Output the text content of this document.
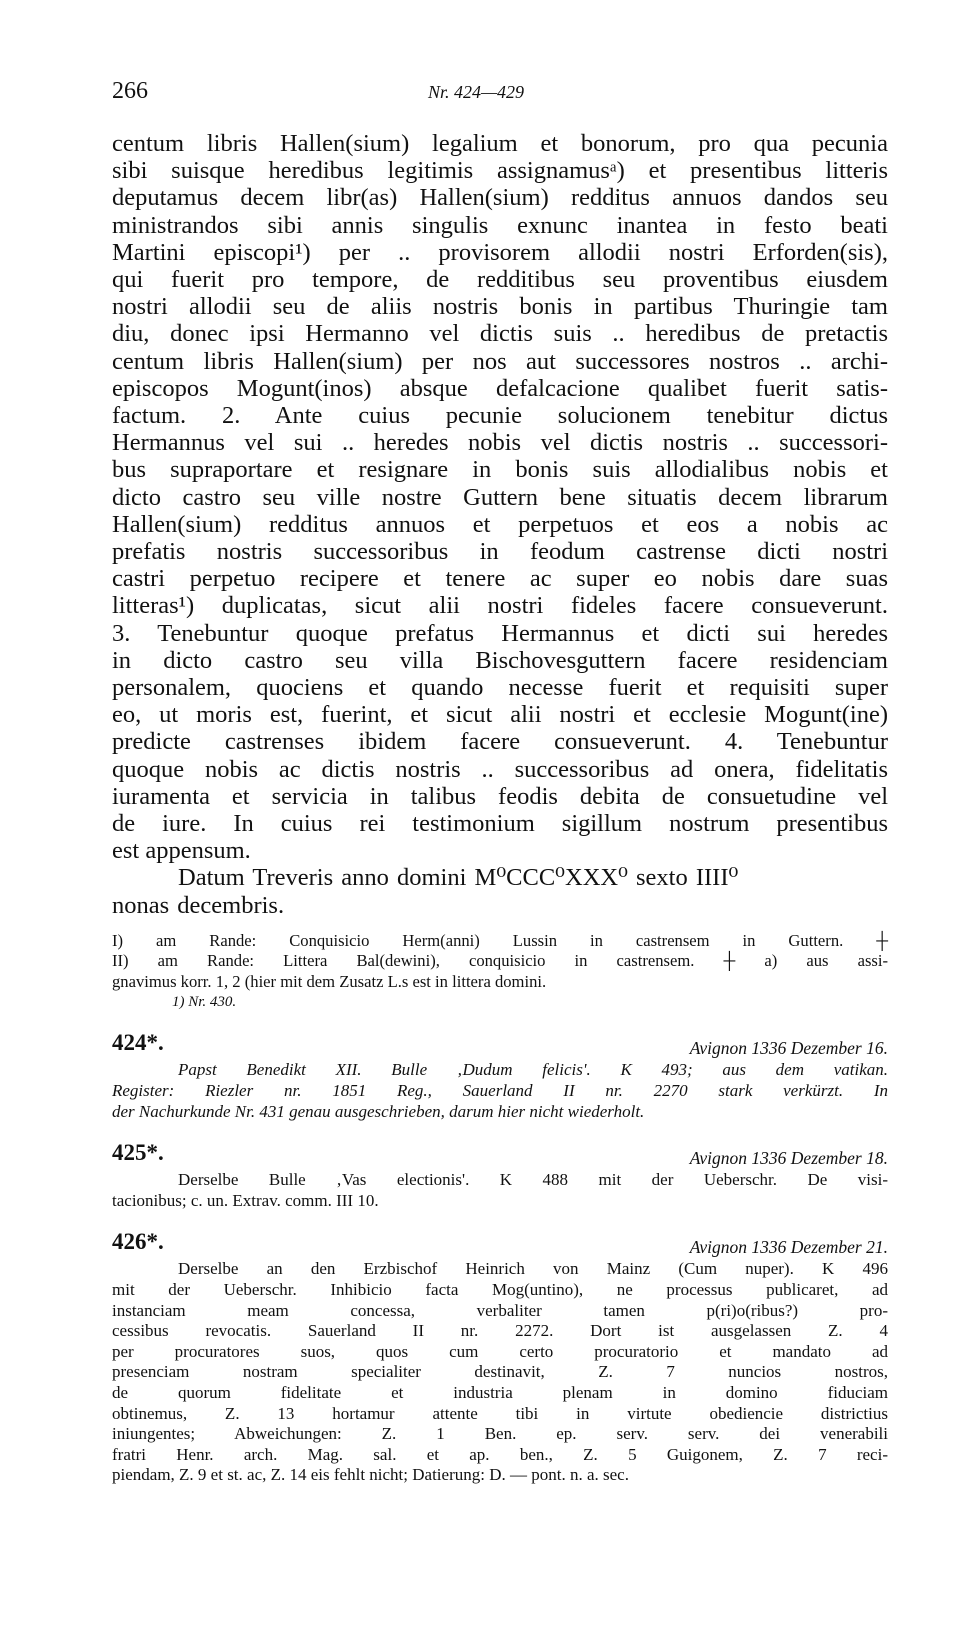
266	Nr. 424—429
centum libris Hallen(sium) legalium et bonorum, pro qua pecunia
sibi suisque heredibus legitimis assignamusᵃ) et presentibus litteris
deputamus decem libr(as) Hallen(sium) redditus annuos dandos seu
ministrandos sibi annis singulis exnunc inantea in festo beati
Martini episcopi¹) per .. provisorem allodii nostri Erforden(sis),
qui fuerit pro tempore, de redditibus seu proventibus eiusdem
nostri allodii seu de aliis nostris bonis in partibus Thuringie tam
diu, donec ipsi Hermanno vel dictis suis .. heredibus de pretactis
centum libris Hallen(sium) per nos aut successores nostros .. archi-
episcopos Mogunt(inos) absque defalcacione qualibet fuerit satis-
factum. 2. Ante cuius pecunie solucionem tenebitur dictus
Hermannus vel sui .. heredes nobis vel dictis nostris .. successori-
bus supraportare et resignare in bonis suis allodialibus nobis et
dicto castro seu ville nostre Guttern bene situatis decem librarum
Hallen(sium) redditus annuos et perpetuos et eos a nobis ac
prefatis nostris successoribus in feodum castrense dicti nostri
castri perpetuo recipere et tenere ac super eo nobis dare suas
litteras¹) duplicatas, sicut alii nostri fideles facere consueverunt.
3. Tenebuntur quoque prefatus Hermannus et dicti sui heredes
in dicto castro seu villa Bischovesguttern facere residenciam
personalem, quociens et quando necesse fuerit et requisiti super
eo, ut moris est, fuerint, et sicut alii nostri et ecclesie Mogunt(ine)
predicte castrenses ibidem facere consueverunt. 4. Tenebuntur
quoque nobis ac dictis nostris .. successoribus ad onera, fidelitatis
iuramenta et servicia in talibus feodis debita de consuetudine vel
de iure. In cuius rei testimonium sigillum nostrum presentibus
est appensum.
Datum Treveris anno domini M⁰CCC⁰XXX⁰ sexto IIII⁰
nonas decembris.
I) am Rande: Conquisicio Herm(anni) Lussin in castrensem in Guttern. ┼
II) am Rande: Littera Bal(dewini), conquisicio in castrensem. ┼ a) aus assi-
gnavimus korr. 1, 2 (hier mit dem Zusatz L.s est in littera domini.
1) Nr. 430.
424*.	Avignon 1336 Dezember 16.
Papst Benedikt XII. Bulle ‚Dudum felicis'. K 493; aus dem vatikan.
Register: Riezler nr. 1851 Reg., Sauerland II nr. 2270 stark verkürzt. In
der Nachurkunde Nr. 431 genau ausgeschrieben, darum hier nicht wiederholt.
425*.	Avignon 1336 Dezember 18.
Derselbe Bulle ‚Vas electionis'. K 488 mit der Ueberschr. De visi-
tacionibus; c. un. Extrav. comm. III 10.
426*.	Avignon 1336 Dezember 21.
Derselbe an den Erzbischof Heinrich von Mainz (Cum nuper). K 496
mit der Ueberschr. Inhibicio facta Mog(untino), ne processus publicaret, ad
instanciam meam concessa, verbaliter tamen p(ri)o(ribus?) pro-
cessibus revocatis. Sauerland II nr. 2272. Dort ist ausgelassen Z. 4
per procuratores suos, quos cum certo procuratorio et mandato ad
presenciam nostram specialiter destinavit, Z. 7 nuncios nostros,
de quorum fidelitate et industria plenam in domino fiduciam
obtinemus, Z. 13 hortamur attente tibi in virtute obediencie districtius
iniungentes; Abweichungen: Z. 1 Ben. ep. serv. serv. dei venerabili
fratri Henr. arch. Mag. sal. et ap. ben., Z. 5 Guigonem, Z. 7 reci-
piendam, Z. 9 et st. ac, Z. 14 eis fehlt nicht; Datierung: D. — pont. n. a. sec.
